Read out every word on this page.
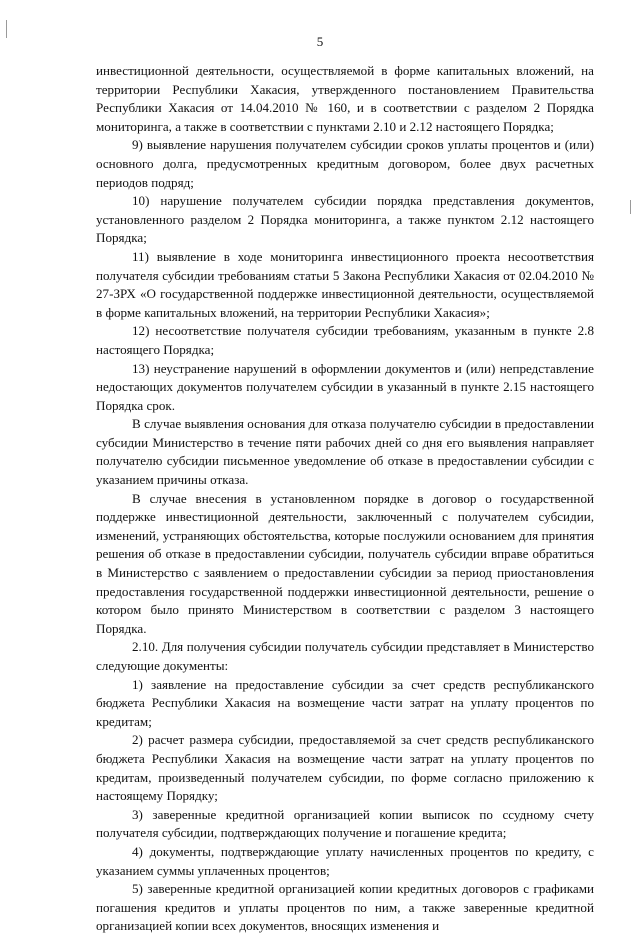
5

инвестиционной деятельности, осуществляемой в форме капитальных вложений, на территории Республики Хакасия, утвержденного постановлением Правительства Республики Хакасия от 14.04.2010 № 160, и в соответствии с разделом 2 Порядка мониторинга, а также в соответствии с пунктами 2.10 и 2.12 настоящего Порядка;

9) выявление нарушения получателем субсидии сроков уплаты процентов и (или) основного долга, предусмотренных кредитным договором, более двух расчетных периодов подряд;

10) нарушение получателем субсидии порядка представления документов, установленного разделом 2 Порядка мониторинга, а также пунктом 2.12 настоящего Порядка;

11) выявление в ходе мониторинга инвестиционного проекта несоответствия получателя субсидии требованиям статьи 5 Закона Республики Хакасия от 02.04.2010 № 27-ЗРХ «О государственной поддержке инвестиционной деятельности, осуществляемой в форме капитальных вложений, на территории Республики Хакасия»;

12) несоответствие получателя субсидии требованиям, указанным в пункте 2.8 настоящего Порядка;

13) неустранение нарушений в оформлении документов и (или) непредставление недостающих документов получателем субсидии в указанный в пункте 2.15 настоящего Порядка срок.

В случае выявления основания для отказа получателю субсидии в предоставлении субсидии Министерство в течение пяти рабочих дней со дня его выявления направляет получателю субсидии письменное уведомление об отказе в предоставлении субсидии с указанием причины отказа.

В случае внесения в установленном порядке в договор о государственной поддержке инвестиционной деятельности, заключенный с получателем субсидии, изменений, устраняющих обстоятельства, которые послужили основанием для принятия решения об отказе в предоставлении субсидии, получатель субсидии вправе обратиться в Министерство с заявлением о предоставлении субсидии за период приостановления предоставления государственной поддержки инвестиционной деятельности, решение о котором было принято Министерством в соответствии с разделом 3 настоящего Порядка.

2.10. Для получения субсидии получатель субсидии представляет в Министерство следующие документы:

1) заявление на предоставление субсидии за счет средств республиканского бюджета Республики Хакасия на возмещение части затрат на уплату процентов по кредитам;

2) расчет размера субсидии, предоставляемой за счет средств республиканского бюджета Республики Хакасия на возмещение части затрат на уплату процентов по кредитам, произведенный получателем субсидии, по форме согласно приложению к настоящему Порядку;

3) заверенные кредитной организацией копии выписок по ссудному счету получателя субсидии, подтверждающих получение и погашение кредита;

4) документы, подтверждающие уплату начисленных процентов по кредиту, с указанием суммы уплаченных процентов;

5) заверенные кредитной организацией копии кредитных договоров с графиками погашения кредитов и уплаты процентов по ним, а также заверенные кредитной организацией копии всех документов, вносящих изменения и
